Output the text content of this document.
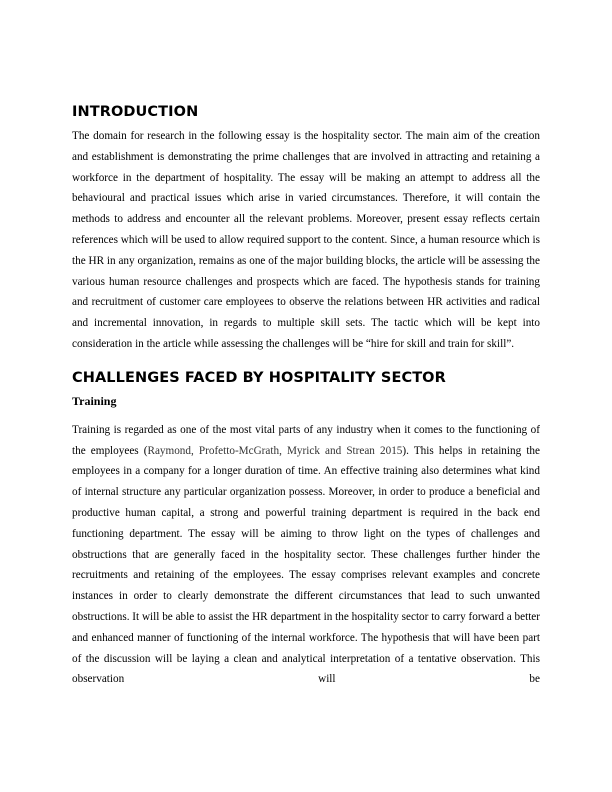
INTRODUCTION

The domain for research in the following essay is the hospitality sector. The main aim of the creation and establishment is demonstrating the prime challenges that are involved in attracting and retaining a workforce in the department of hospitality. The essay will be making an attempt to address all the behavioural and practical issues which arise in varied circumstances. Therefore, it will contain the methods to address and encounter all the relevant problems. Moreover, present essay reflects certain references which will be used to allow required support to the content. Since, a human resource which is the HR in any organization, remains as one of the major building blocks, the article will be assessing the various human resource challenges and prospects which are faced. The hypothesis stands for training and recruitment of customer care employees to observe the relations between HR activities and radical and incremental innovation, in regards to multiple skill sets. The tactic which will be kept into consideration in the article while assessing the challenges will be “hire for skill and train for skill”.

CHALLENGES FACED BY HOSPITALITY SECTOR
Training

Training is regarded as one of the most vital parts of any industry when it comes to the functioning of the employees (Raymond, Profetto-McGrath, Myrick and Strean 2015). This helps in retaining the employees in a company for a longer duration of time. An effective training also determines what kind of internal structure any particular organization possess. Moreover, in order to produce a beneficial and productive human capital, a strong and powerful training department is required in the back end functioning department. The essay will be aiming to throw light on the types of challenges and obstructions that are generally faced in the hospitality sector. These challenges further hinder the recruitments and retaining of the employees. The essay comprises relevant examples and concrete instances in order to clearly demonstrate the different circumstances that lead to such unwanted obstructions. It will be able to assist the HR department in the hospitality sector to carry forward a better and enhanced manner of functioning of the internal workforce. The hypothesis that will have been part of the discussion will be laying a clean and analytical interpretation of a tentative observation. This observation will be
